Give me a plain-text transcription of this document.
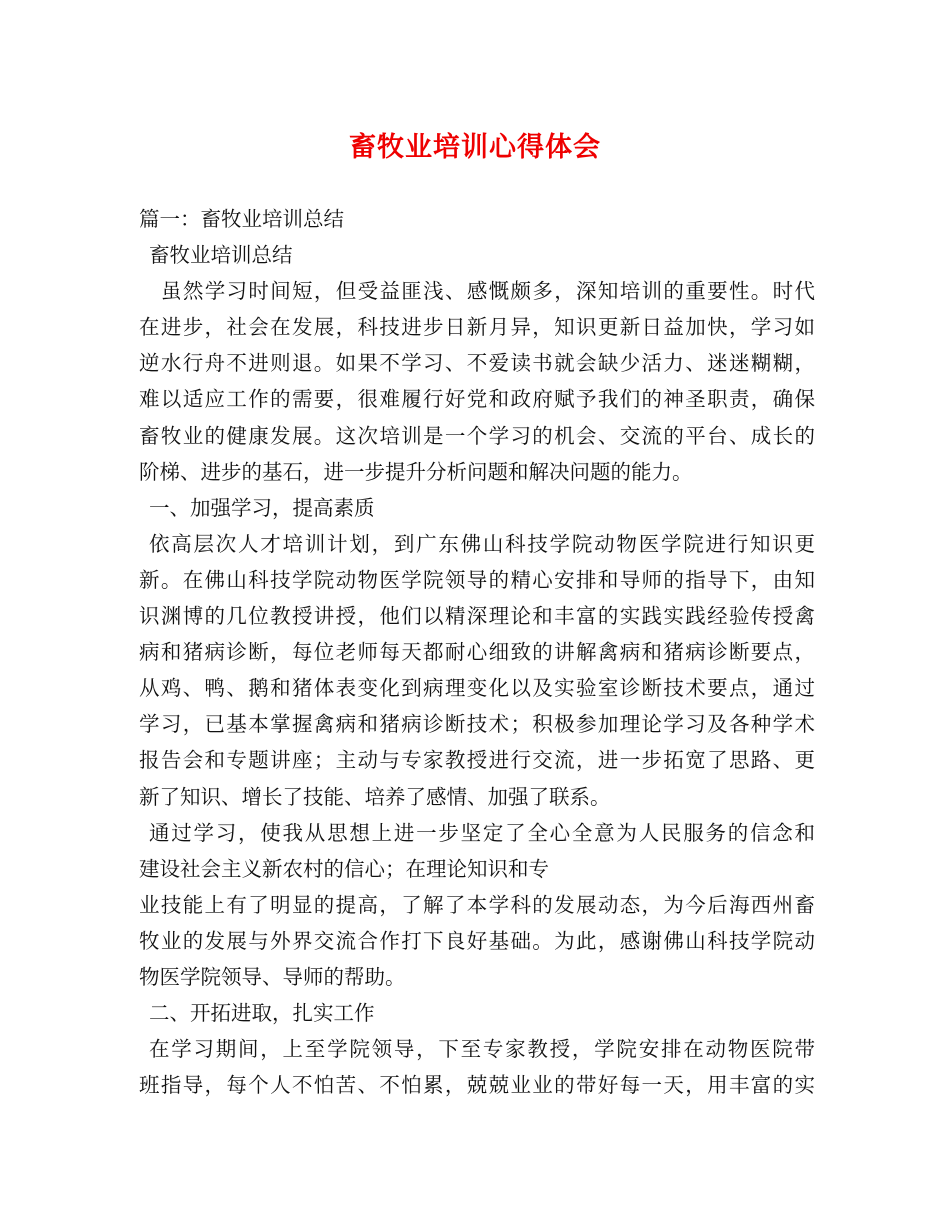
畜牧业培训心得体会
篇一：畜牧业培训总结
畜牧业培训总结
虽然学习时间短，但受益匪浅、感慨颇多，深知培训的重要性。时代
在进步，社会在发展，科技进步日新月异，知识更新日益加快，学习如
逆水行舟不进则退。如果不学习、不爱读书就会缺少活力、迷迷糊糊，
难以适应工作的需要，很难履行好党和政府赋予我们的神圣职责，确保
畜牧业的健康发展。这次培训是一个学习的机会、交流的平台、成长的
阶梯、进步的基石，进一步提升分析问题和解决问题的能力。
一、加强学习，提高素质
依高层次人才培训计划，到广东佛山科技学院动物医学院进行知识更
新。在佛山科技学院动物医学院领导的精心安排和导师的指导下，由知
识渊博的几位教授讲授，他们以精深理论和丰富的实践实践经验传授禽
病和猪病诊断，每位老师每天都耐心细致的讲解禽病和猪病诊断要点，
从鸡、鸭、鹅和猪体表变化到病理变化以及实验室诊断技术要点，通过
学习，已基本掌握禽病和猪病诊断技术；积极参加理论学习及各种学术
报告会和专题讲座；主动与专家教授进行交流，进一步拓宽了思路、更
新了知识、增长了技能、培养了感情、加强了联系。
通过学习，使我从思想上进一步坚定了全心全意为人民服务的信念和
建设社会主义新农村的信心；在理论知识和专
业技能上有了明显的提高，了解了本学科的发展动态，为今后海西州畜
牧业的发展与外界交流合作打下良好基础。为此，感谢佛山科技学院动
物医学院领导、导师的帮助。
二、开拓进取，扎实工作
在学习期间，上至学院领导，下至专家教授，学院安排在动物医院带
班指导，每个人不怕苦、不怕累，兢兢业业的带好每一天，用丰富的实
